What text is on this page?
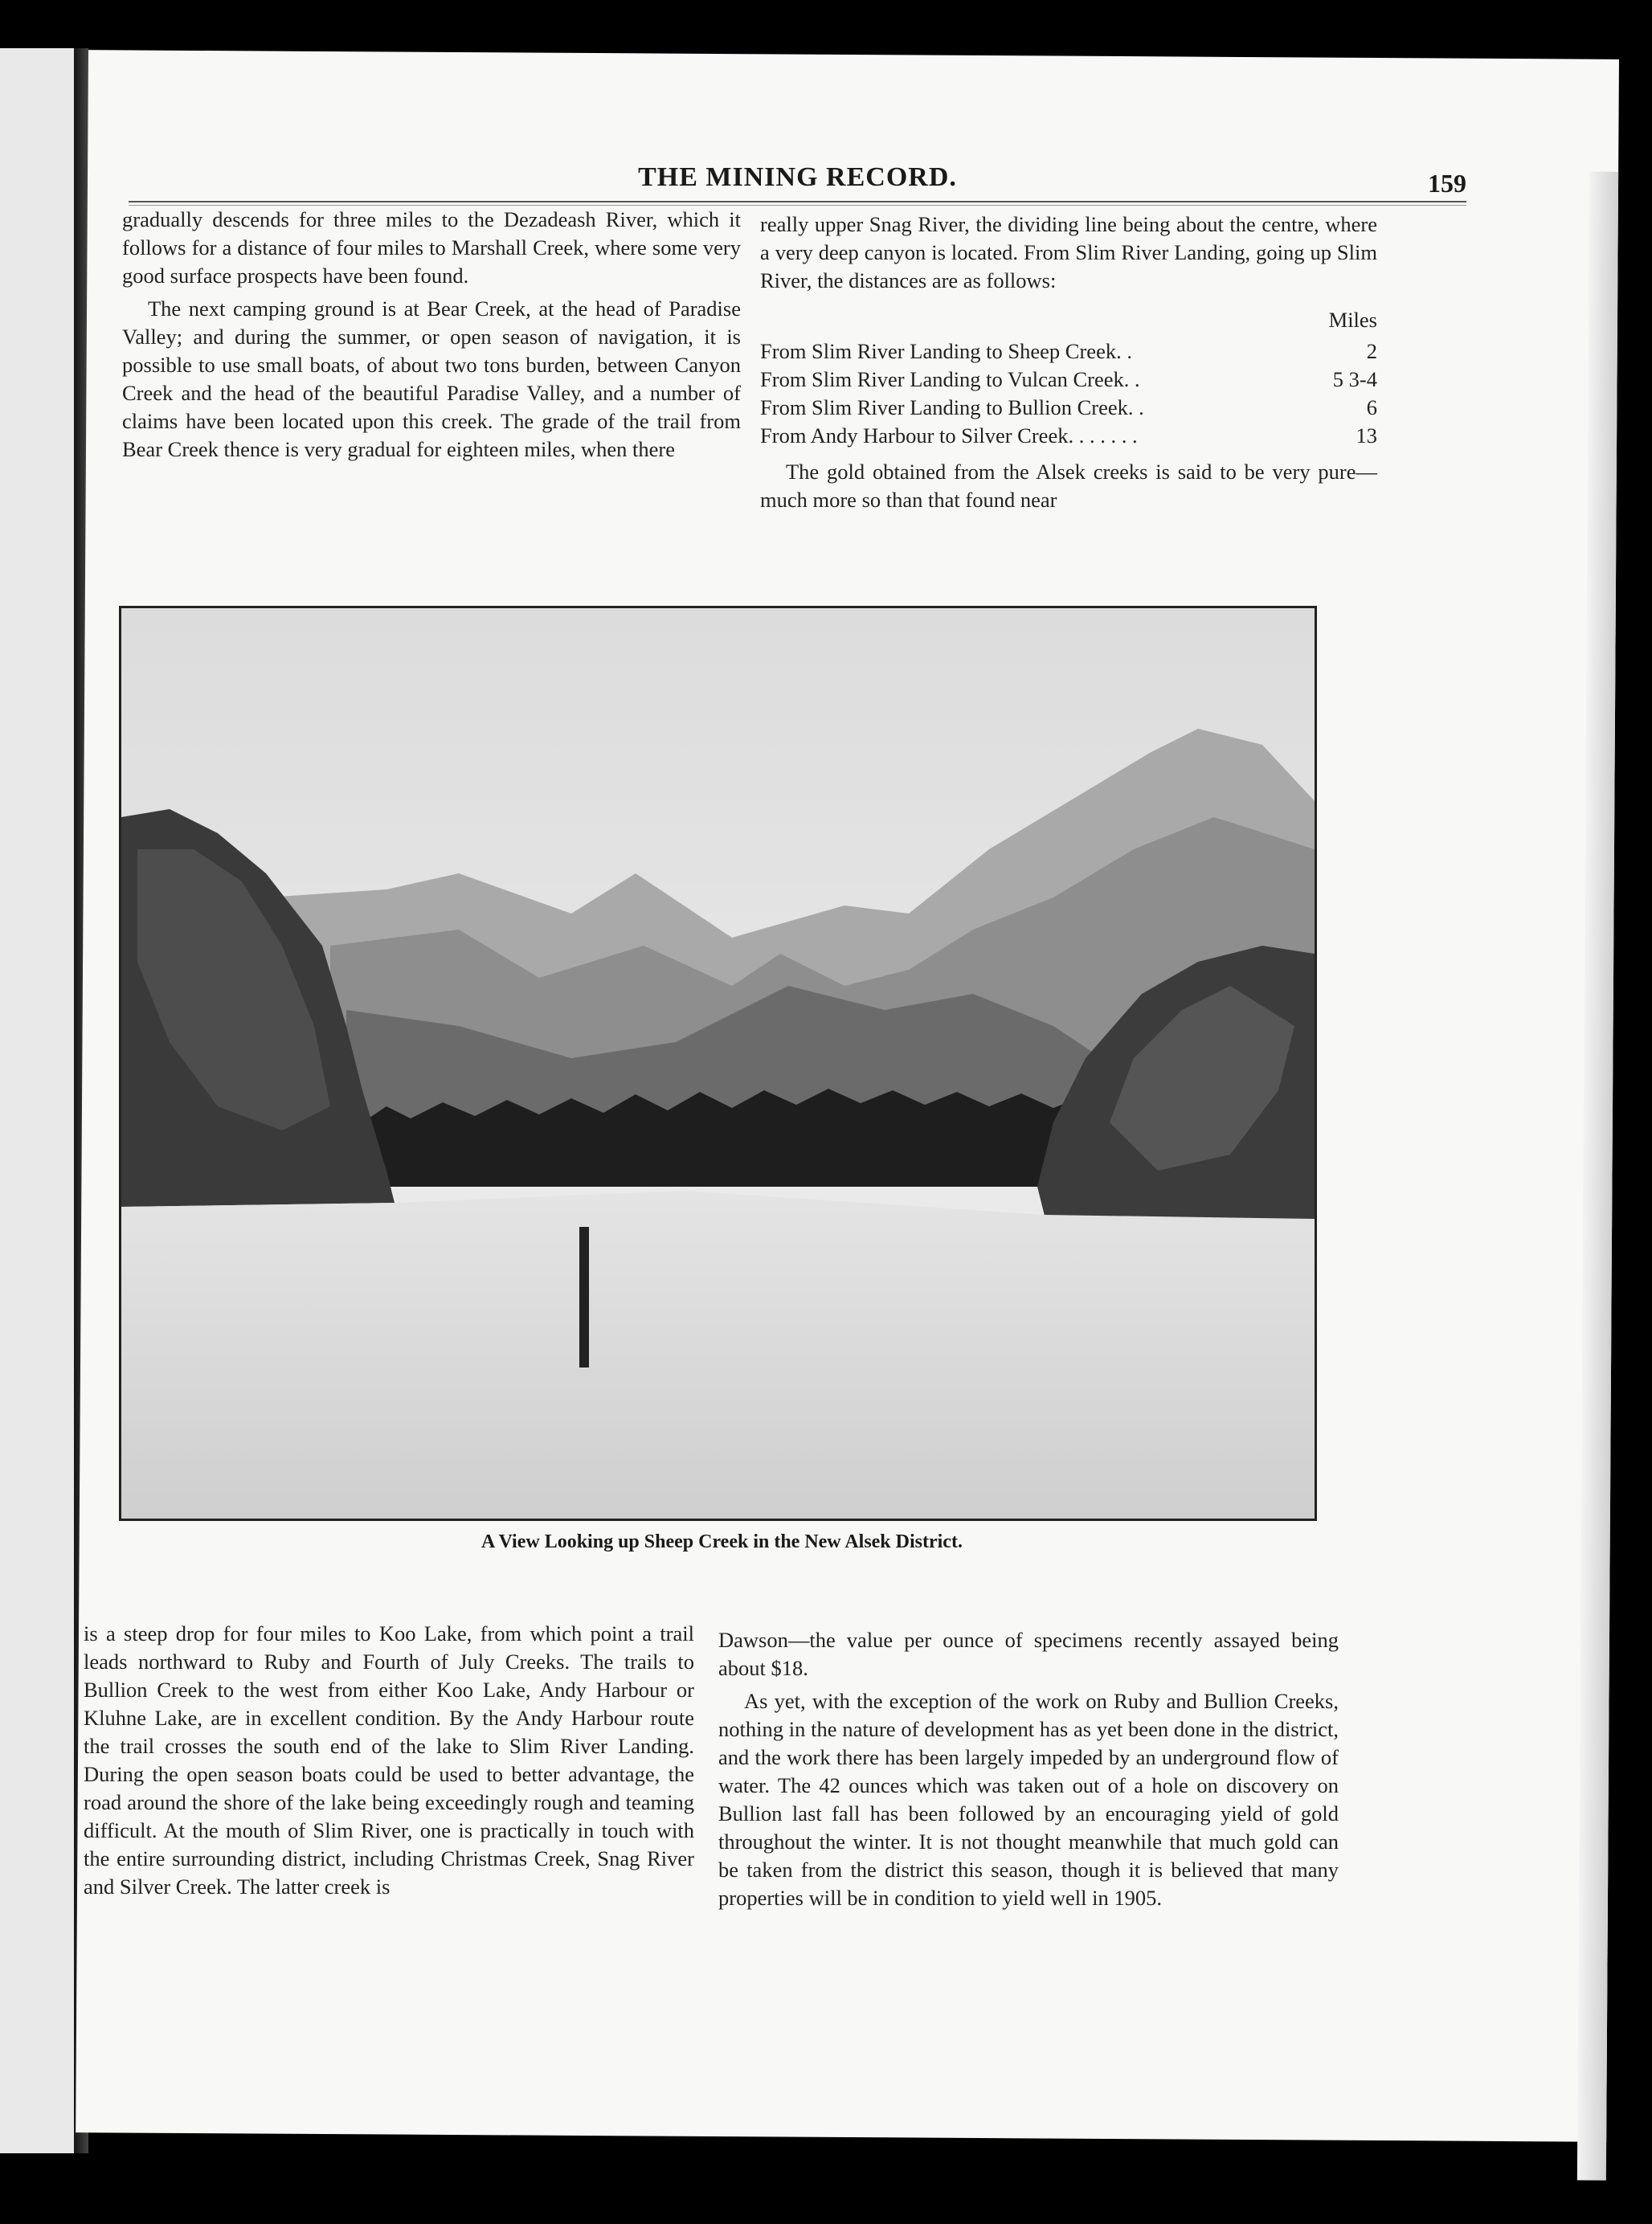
THE MINING RECORD.	159

gradually descends for three miles to the Dezadeash River, which it follows for a distance of four miles to Marshall Creek, where some very good surface prospects have been found.

The next camping ground is at Bear Creek, at the head of Paradise Valley; and during the summer, or open season of navigation, it is possible to use small boats, of about two tons burden, between Canyon Creek and the head of the beautiful Paradise Valley, and a number of claims have been located upon this creek. The grade of the trail from Bear Creek thence is very gradual for eighteen miles, when there

really upper Snag River, the dividing line being about the centre, where a very deep canyon is located. From Slim River Landing, going up Slim River, the distances are as follows:

Miles
From Slim River Landing to Sheep Creek. .	2
From Slim River Landing to Vulcan Creek. .	5 3-4
From Slim River Landing to Bullion Creek. .	6
From Andy Harbour to Silver Creek. . . . . . .	13

The gold obtained from the Alsek creeks is said to be very pure—much more so than that found near

A View Looking up Sheep Creek in the New Alsek District.

is a steep drop for four miles to Koo Lake, from which point a trail leads northward to Ruby and Fourth of July Creeks. The trails to Bullion Creek to the west from either Koo Lake, Andy Harbour or Kluhne Lake, are in excellent condition. By the Andy Harbour route the trail crosses the south end of the lake to Slim River Landing. During the open season boats could be used to better advantage, the road around the shore of the lake being exceedingly rough and teaming difficult. At the mouth of Slim River, one is practically in touch with the entire surrounding district, including Christmas Creek, Snag River and Silver Creek. The latter creek is

Dawson—the value per ounce of specimens recently assayed being about $18.

As yet, with the exception of the work on Ruby and Bullion Creeks, nothing in the nature of development has as yet been done in the district, and the work there has been largely impeded by an underground flow of water. The 42 ounces which was taken out of a hole on discovery on Bullion last fall has been followed by an encouraging yield of gold throughout the winter. It is not thought meanwhile that much gold can be taken from the district this season, though it is believed that many properties will be in condition to yield well in 1905.
